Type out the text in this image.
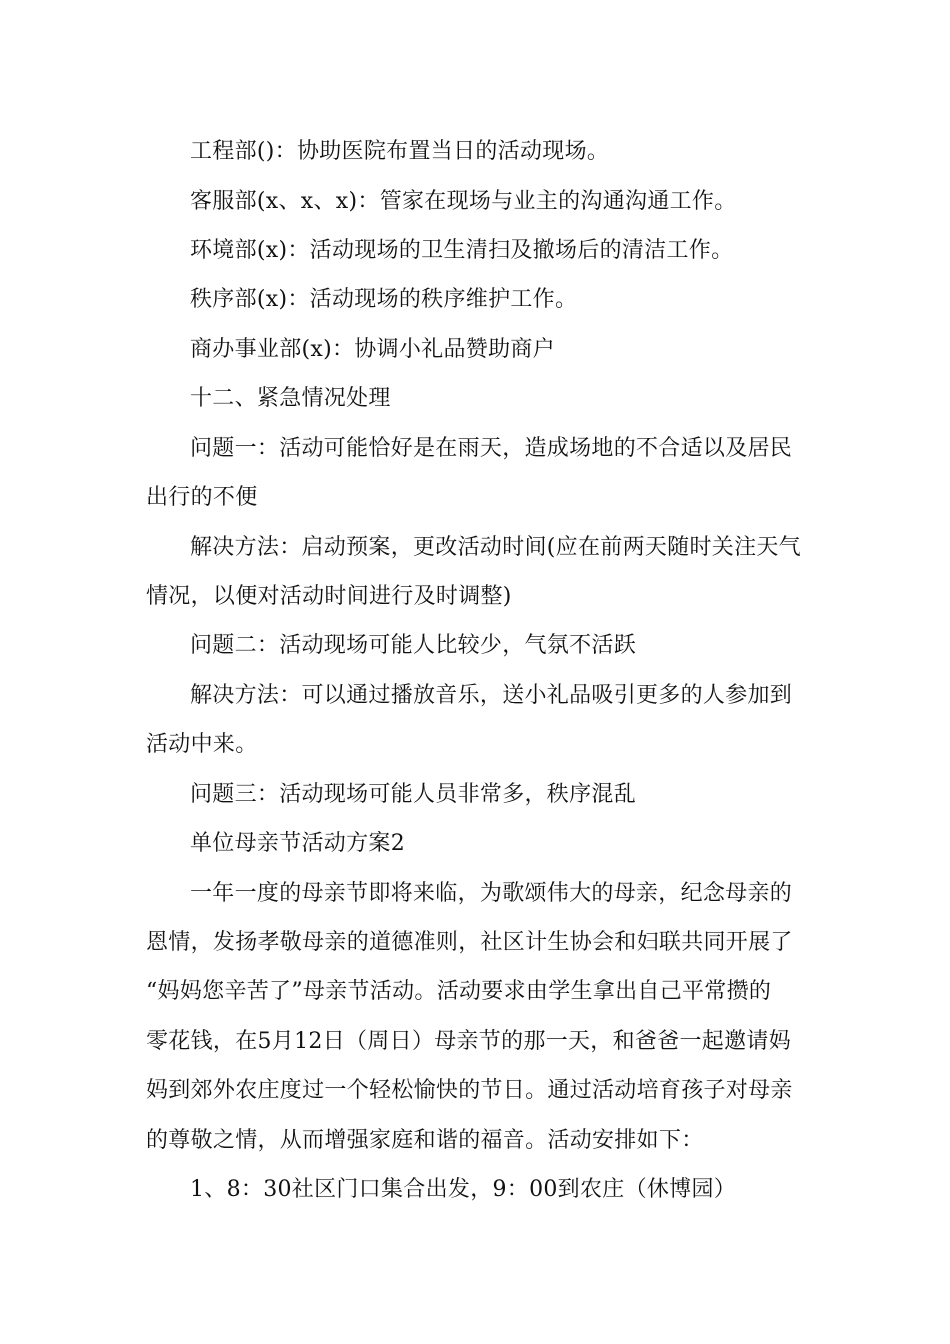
工程部()：协助医院布置当日的活动现场。
客服部(x、x、x)：管家在现场与业主的沟通沟通工作。
环境部(x)：活动现场的卫生清扫及撤场后的清洁工作。
秩序部(x)：活动现场的秩序维护工作。
商办事业部(x)：协调小礼品赞助商户
十二、紧急情况处理
问题一：活动可能恰好是在雨天，造成场地的不合适以及居民
出行的不便
解决方法：启动预案，更改活动时间(应在前两天随时关注天气
情况，以便对活动时间进行及时调整)
问题二：活动现场可能人比较少，气氛不活跃
解决方法：可以通过播放音乐，送小礼品吸引更多的人参加到
活动中来。
问题三：活动现场可能人员非常多，秩序混乱
单位母亲节活动方案2
一年一度的母亲节即将来临，为歌颂伟大的母亲，纪念母亲的
恩情，发扬孝敬母亲的道德准则，社区计生协会和妇联共同开展了
“妈妈您辛苦了”母亲节活动。活动要求由学生拿出自己平常攒的
零花钱，在5月12日（周日）母亲节的那一天，和爸爸一起邀请妈
妈到郊外农庄度过一个轻松愉快的节日。通过活动培育孩子对母亲
的尊敬之情，从而增强家庭和谐的福音。活动安排如下：
1、8：30社区门口集合出发，9：00到农庄（休博园）
